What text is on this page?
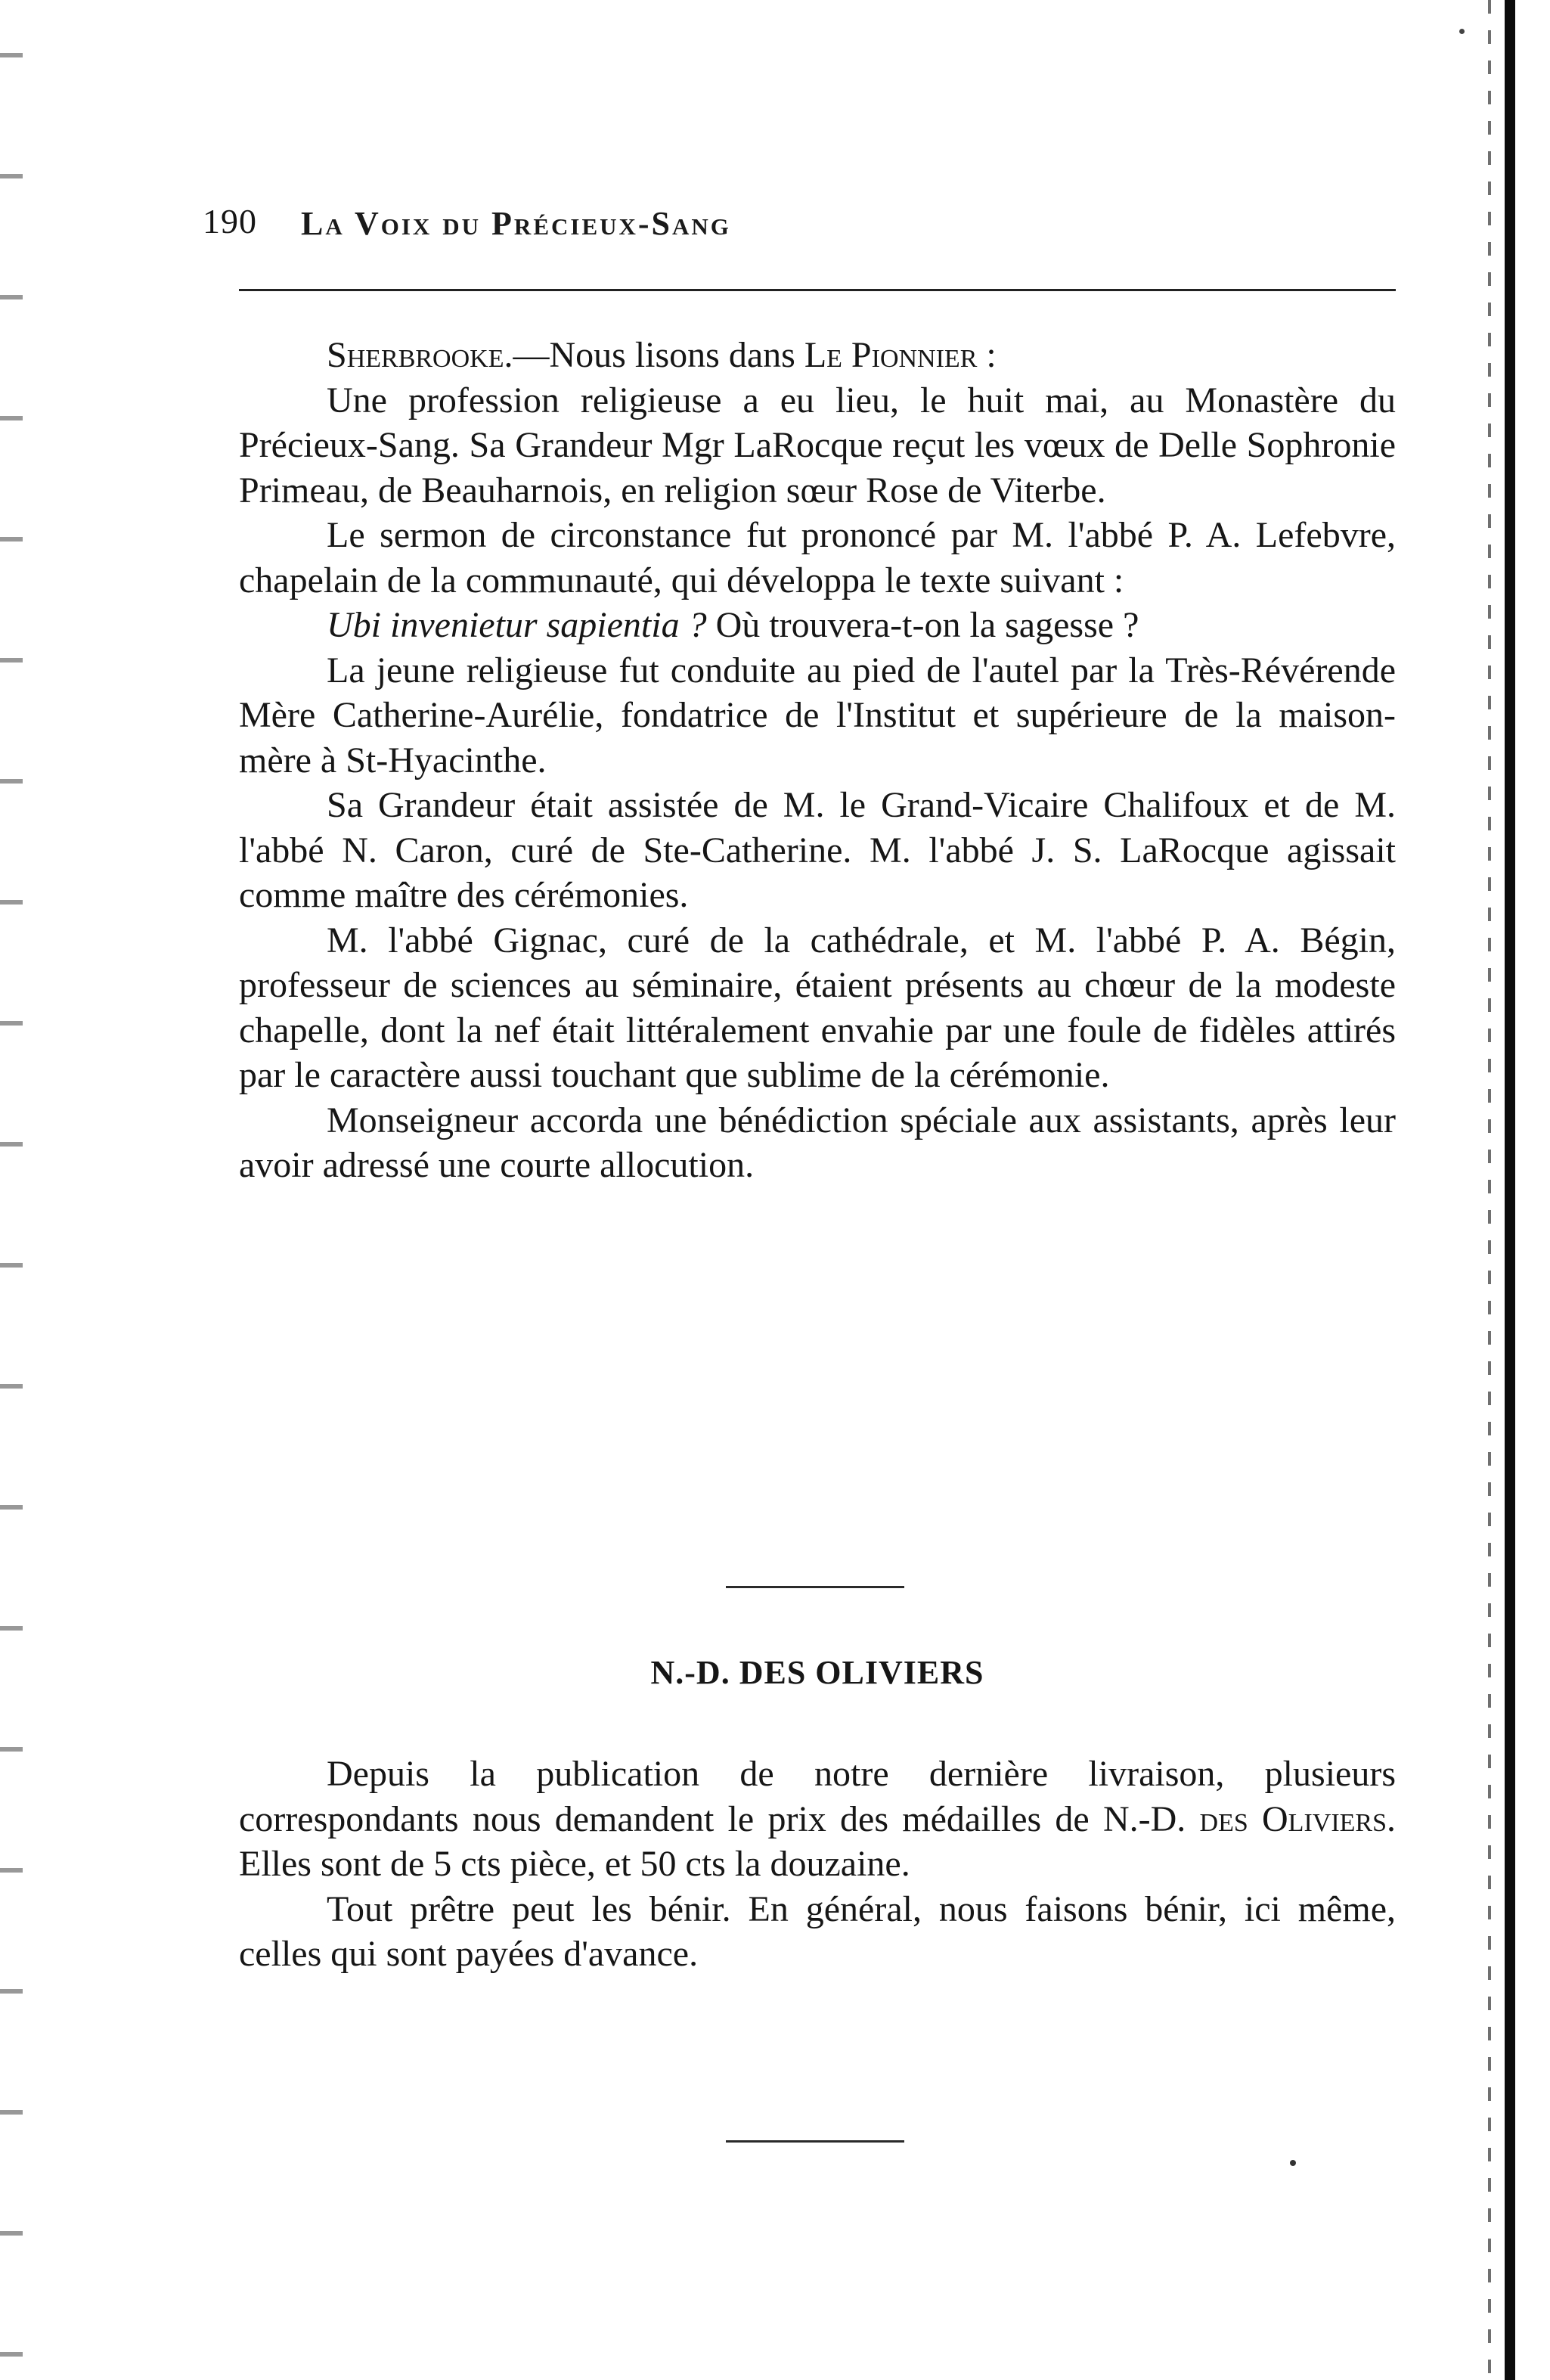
190 La Voix du Précieux-Sang

Sherbrooke.—Nous lisons dans Le Pionnier :

Une profession religieuse a eu lieu, le huit mai, au Monastère du Précieux-Sang. Sa Grandeur Mgr LaRocque reçut les vœux de Delle Sophronie Primeau, de Beauharnois, en religion sœur Rose de Viterbe.

Le sermon de circonstance fut prononcé par M. l'abbé P. A. Lefebvre, chapelain de la communauté, qui développa le texte suivant :

Ubi invenietur sapientia ? Où trouvera-t-on la sagesse ?

La jeune religieuse fut conduite au pied de l'autel par la Très-Révérende Mère Catherine-Aurélie, fondatrice de l'Institut et supérieure de la maison-mère à St-Hyacinthe.

Sa Grandeur était assistée de M. le Grand-Vicaire Chalifoux et de M. l'abbé N. Caron, curé de Ste-Catherine. M. l'abbé J. S. LaRocque agissait comme maître des cérémonies.

M. l'abbé Gignac, curé de la cathédrale, et M. l'abbé P. A. Bégin, professeur de sciences au séminaire, étaient présents au chœur de la modeste chapelle, dont la nef était littéralement envahie par une foule de fidèles attirés par le caractère aussi touchant que sublime de la cérémonie.

Monseigneur accorda une bénédiction spéciale aux assistants, après leur avoir adressé une courte allocution.

N.-D. DES OLIVIERS

Depuis la publication de notre dernière livraison, plusieurs correspondants nous demandent le prix des médailles de N.-D. des Oliviers. Elles sont de 5 cts pièce, et 50 cts la douzaine.

Tout prêtre peut les bénir. En général, nous faisons bénir, ici même, celles qui sont payées d'avance.
